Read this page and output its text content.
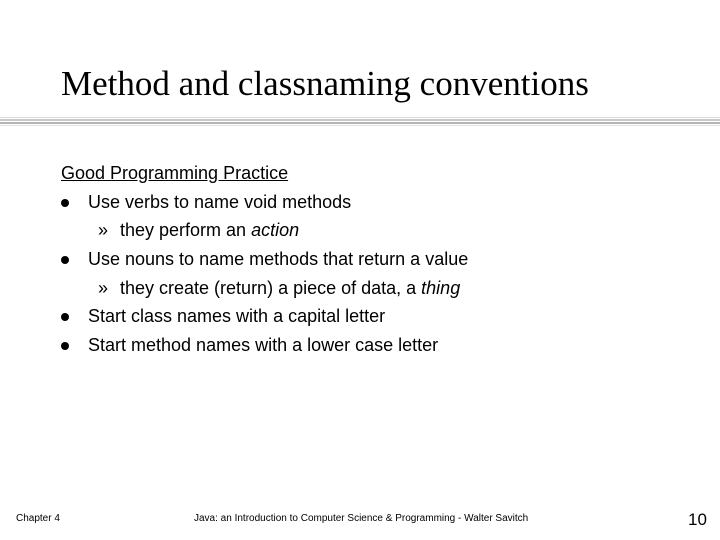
Method and classnaming conventions
Good Programming Practice
Use verbs to name void methods
» they perform an action
Use nouns to name methods that return a value
» they create (return) a piece of data, a thing
Start class names with a capital letter
Start method names with a lower case letter
Chapter 4	Java: an Introduction to Computer Science & Programming - Walter Savitch	10
